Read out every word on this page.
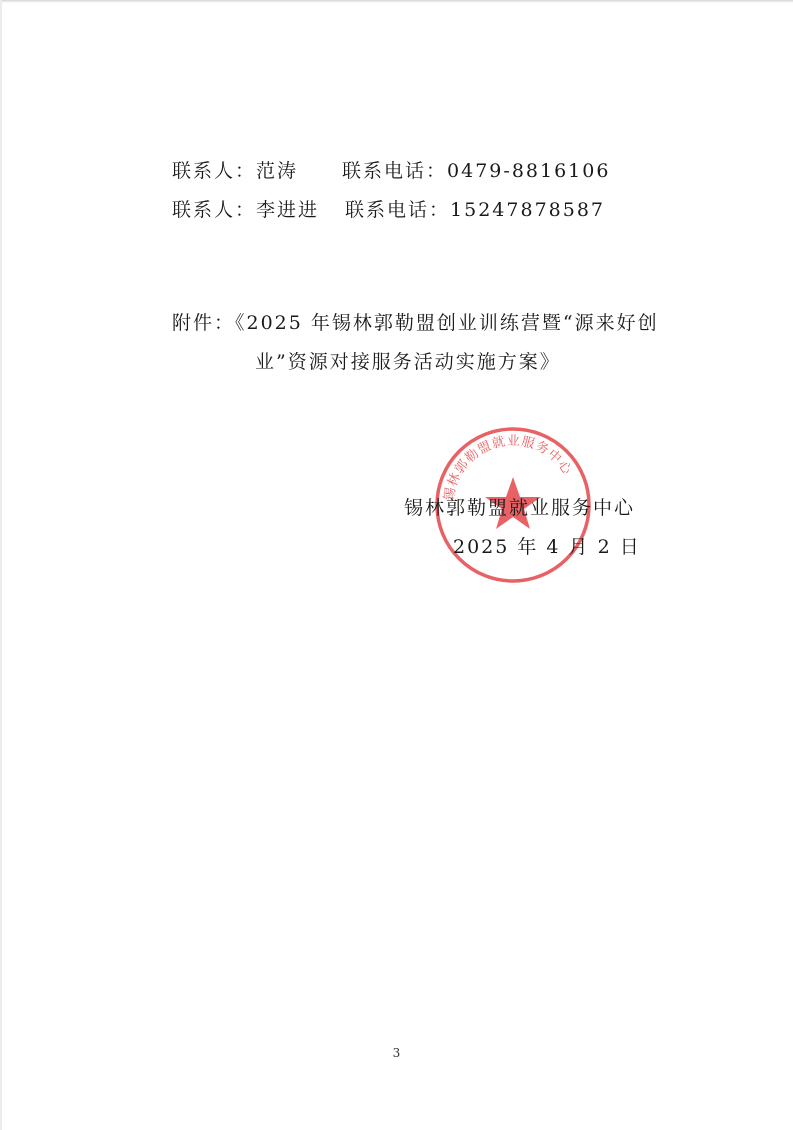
联系人：范涛 联系电话：0479-8816106
联系人：李进进 联系电话：15247878587
附件：《2025 年锡林郭勒盟创业训练营暨“源来好创
业”资源对接服务活动实施方案》
锡林郭勒盟就业服务中心
锡林郭勒盟就业服务中心
2025 年 4 月 2 日
3
